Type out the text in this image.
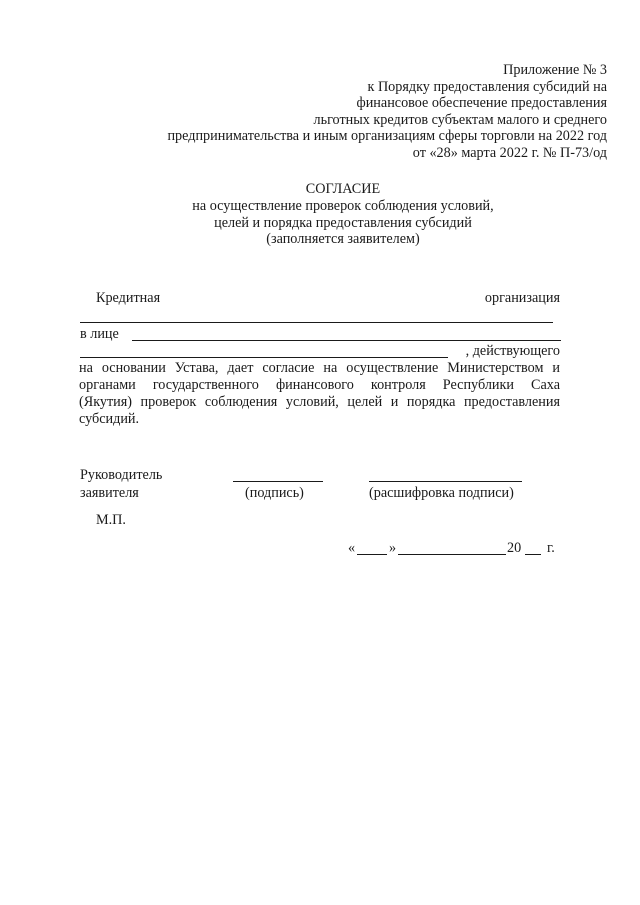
Приложение № 3
к Порядку предоставления субсидий на
финансовое обеспечение предоставления
льготных кредитов субъектам малого и среднего
предпринимательства и иным организациям сферы торговли на 2022 год
от «28» марта 2022 г. № П-73/од
СОГЛАСИЕ
на осуществление проверок соблюдения условий,
целей и порядка предоставления субсидий
(заполняется заявителем)
Кредитная	организация
в лице
, действующего
на основании Устава, дает согласие на осуществление Министерством и
органами государственного финансового контроля Республики Саха
(Якутия) проверок соблюдения условий, целей и порядка предоставления
субсидий.
Руководитель
заявителя	(подпись)	(расшифровка подписи)
М.П.
« »	20 г.
